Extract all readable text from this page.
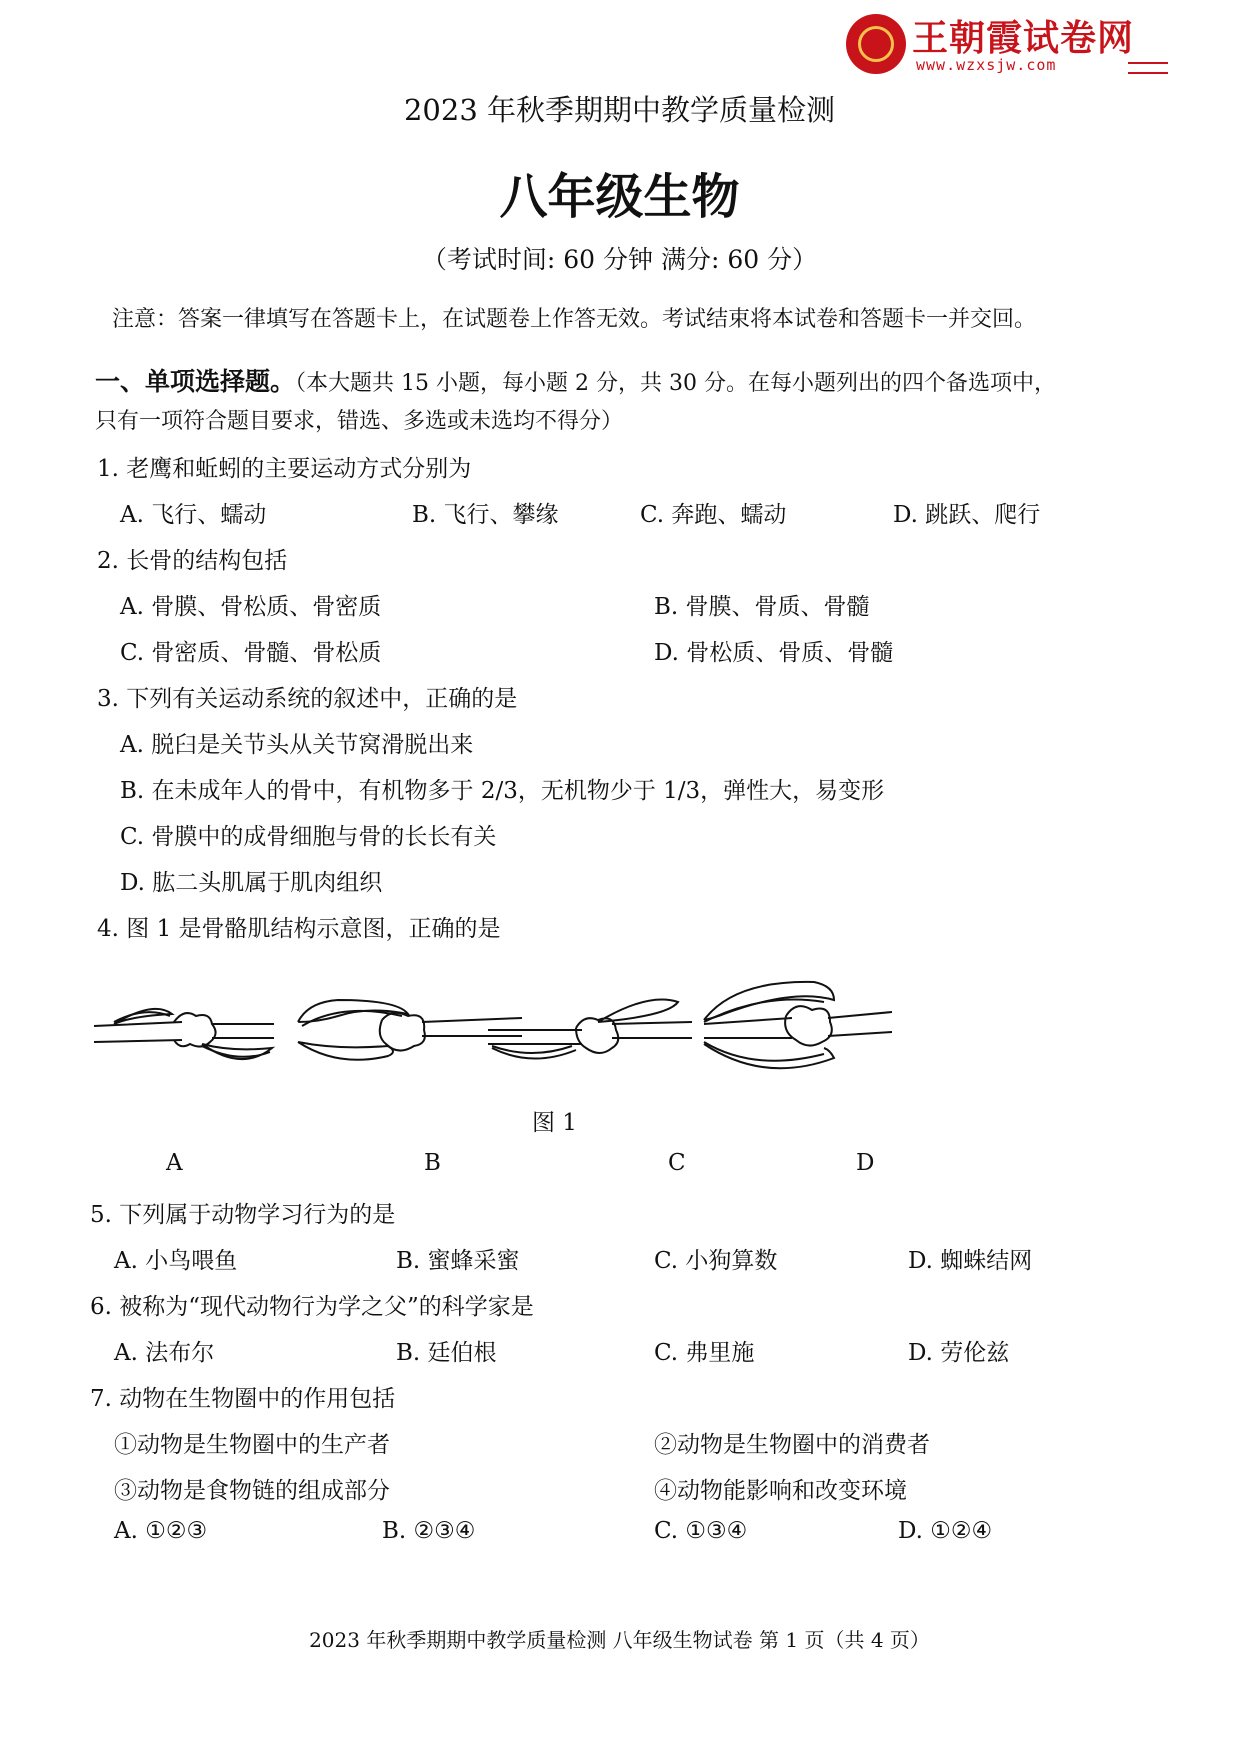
王朝霞试卷网
www.wzxsjw.com
2023 年秋季期期中教学质量检测
八年级生物
（考试时间: 60 分钟 满分: 60 分）
注意：答案一律填写在答题卡上，在试题卷上作答无效。考试结束将本试卷和答题卡一并交回。
一、单项选择题。（本大题共 15 小题，每小题 2 分，共 30 分。在每小题列出的四个备选项中，
只有一项符合题目要求，错选、多选或未选均不得分）
1. 老鹰和蚯蚓的主要运动方式分别为
A. 飞行、蠕动	B. 飞行、攀缘	C. 奔跑、蠕动	D. 跳跃、爬行
2. 长骨的结构包括
A. 骨膜、骨松质、骨密质	B. 骨膜、骨质、骨髓
C. 骨密质、骨髓、骨松质	D. 骨松质、骨质、骨髓
3. 下列有关运动系统的叙述中，正确的是
A. 脱臼是关节头从关节窝滑脱出来
B. 在未成年人的骨中，有机物多于 2/3，无机物少于 1/3，弹性大，易变形
C. 骨膜中的成骨细胞与骨的长长有关
D. 肱二头肌属于肌肉组织
4. 图 1 是骨骼肌结构示意图，正确的是
图 1
A	B	C	D
5. 下列属于动物学习行为的是
A. 小鸟喂鱼	B. 蜜蜂采蜜	C. 小狗算数	D. 蜘蛛结网
6. 被称为“现代动物行为学之父”的科学家是
A. 法布尔	B. 廷伯根	C. 弗里施	D. 劳伦兹
7. 动物在生物圈中的作用包括
①动物是生物圈中的生产者	②动物是生物圈中的消费者
③动物是食物链的组成部分	④动物能影响和改变环境
A. ①②③	B. ②③④	C. ①③④	D. ①②④
2023 年秋季期期中教学质量检测 八年级生物试卷 第 1 页（共 4 页）
